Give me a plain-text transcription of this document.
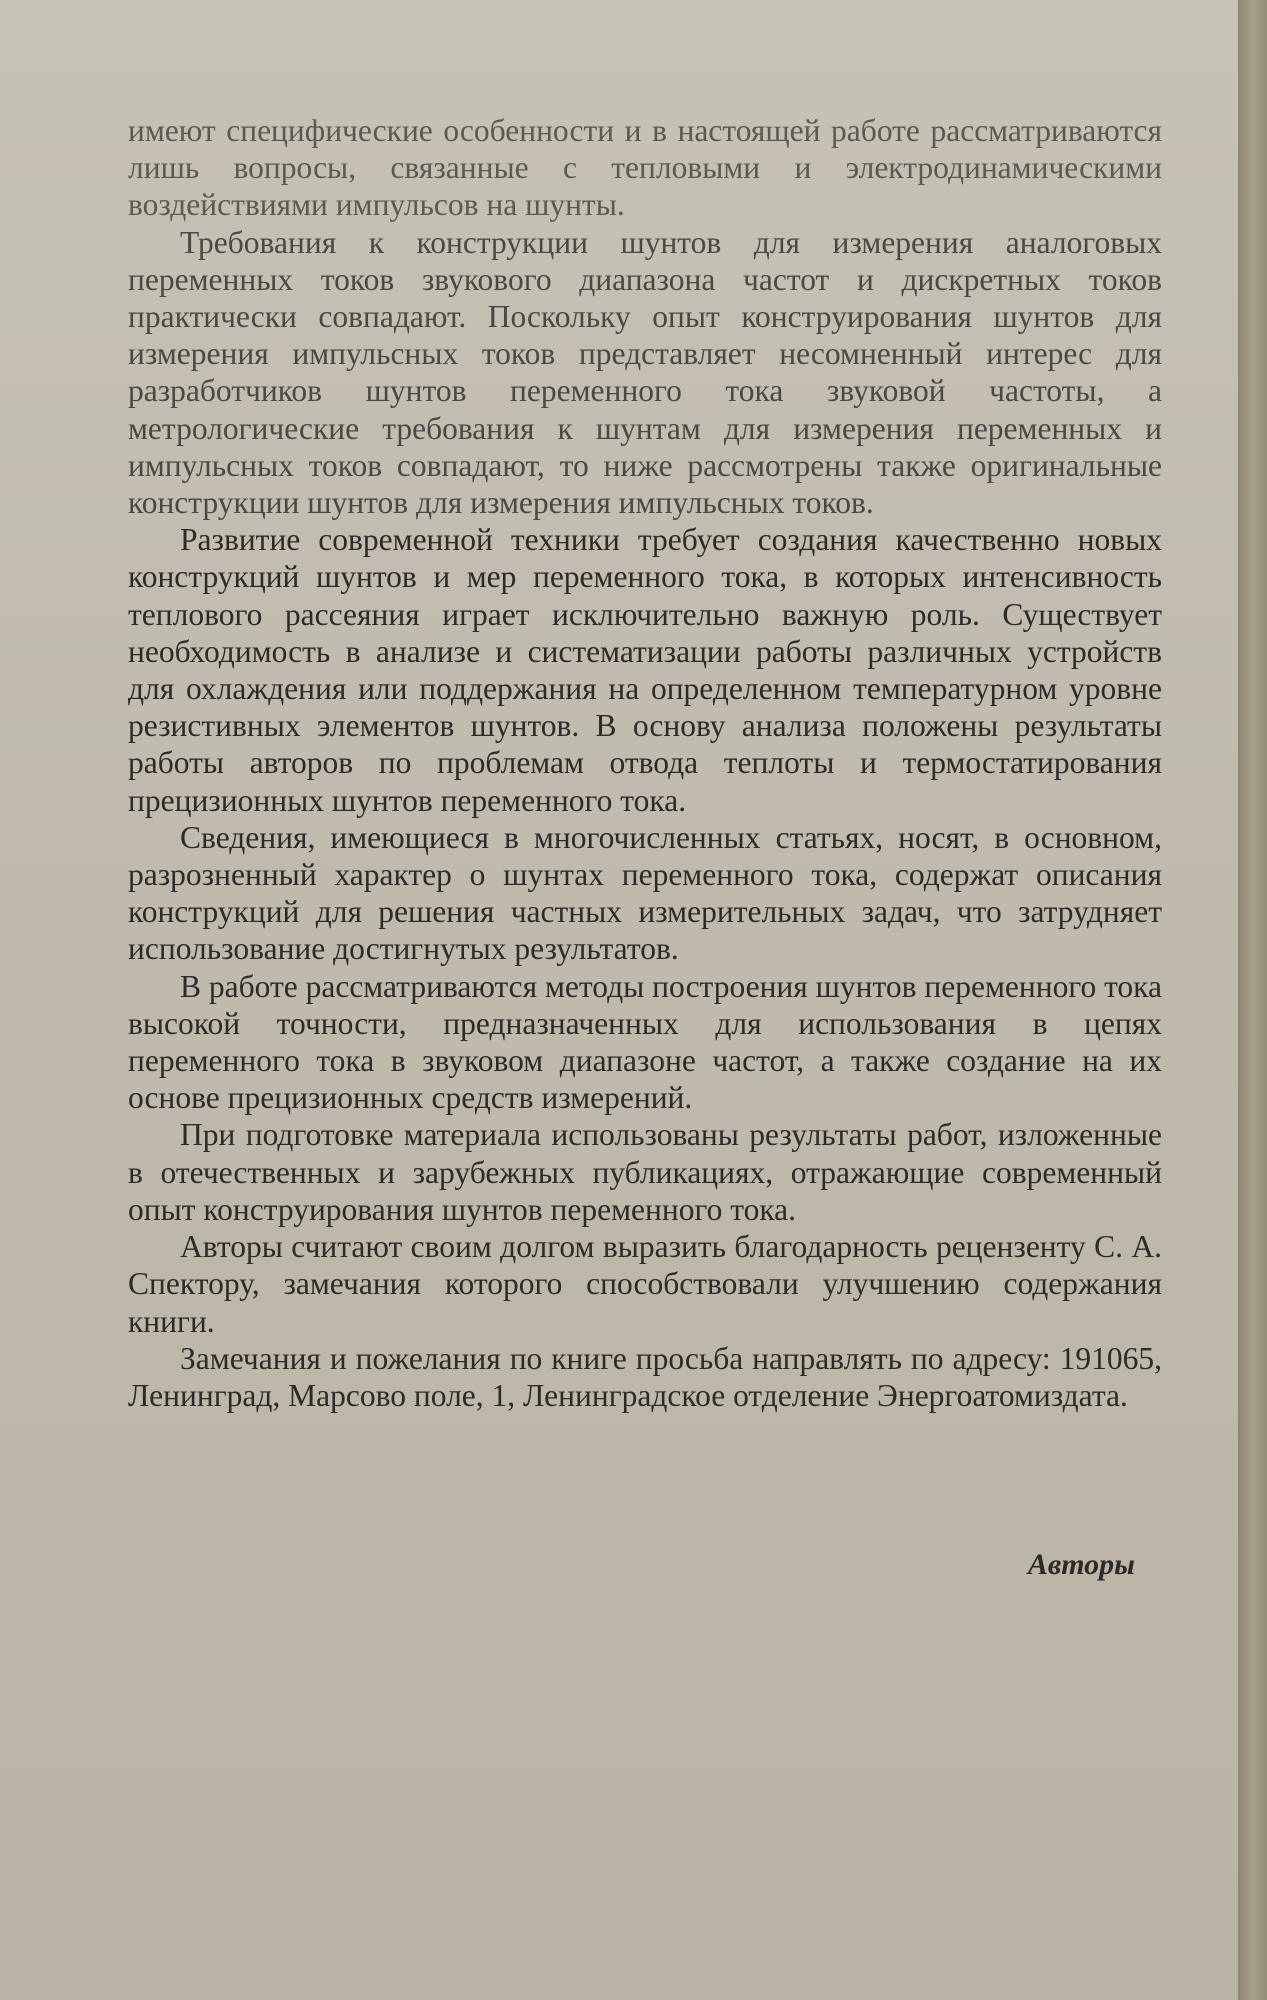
имеют специфические особенности и в настоящей работе рассматриваются лишь вопросы, связанные с тепловыми и электродинамическими воздействиями импульсов на шунты.

Требования к конструкции шунтов для измерения аналоговых переменных токов звукового диапазона частот и дискретных токов практически совпадают. Поскольку опыт конструирования шунтов для измерения импульсных токов представляет несомненный интерес для разработчиков шунтов переменного тока звуковой частоты, а метрологические требования к шунтам для измерения переменных и импульсных токов совпадают, то ниже рассмотрены также оригинальные конструкции шунтов для измерения импульсных токов.

Развитие современной техники требует создания качественно новых конструкций шунтов и мер переменного тока, в которых интенсивность теплового рассеяния играет исключительно важную роль. Существует необходимость в анализе и систематизации работы различных устройств для охлаждения или поддержания на определенном температурном уровне резистивных элементов шунтов. В основу анализа положены результаты работы авторов по проблемам отвода теплоты и термостатирования прецизионных шунтов переменного тока.

Сведения, имеющиеся в многочисленных статьях, носят, в основном, разрозненный характер о шунтах переменного тока, содержат описания конструкций для решения частных измерительных задач, что затрудняет использование достигнутых результатов.

В работе рассматриваются методы построения шунтов переменного тока высокой точности, предназначенных для использования в цепях переменного тока в звуковом диапазоне частот, а также создание на их основе прецизионных средств измерений.

При подготовке материала использованы результаты работ, изложенные в отечественных и зарубежных публикациях, отражающие современный опыт конструирования шунтов переменного тока.

Авторы считают своим долгом выразить благодарность рецензенту С. А. Спектору, замечания которого способствовали улучшению содержания книги.

Замечания и пожелания по книге просьба направлять по адресу: 191065, Ленинград, Марсово поле, 1, Ленинградское отделение Энергоатомиздата.

Авторы
